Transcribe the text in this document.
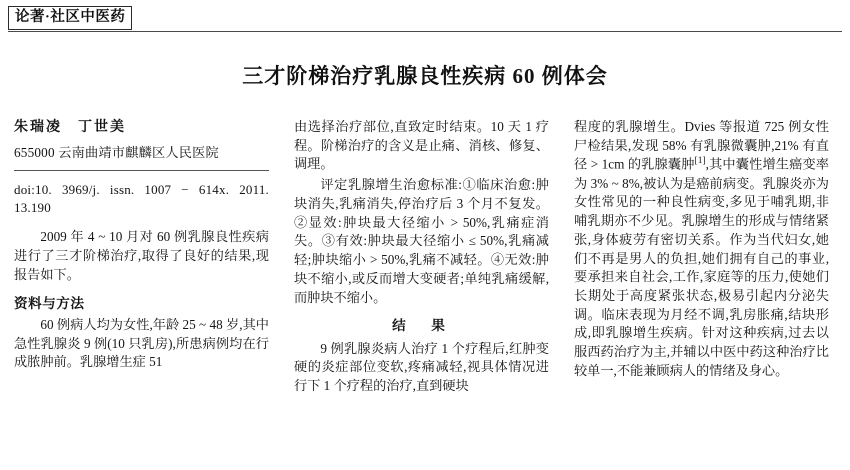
论著·社区中医药
三才阶梯治疗乳腺良性疾病 60 例体会
朱瑞凌　丁世美
655000 云南曲靖市麒麟区人民医院
doi:10. 3969/j. issn. 1007 − 614x. 2011. 13.190

2009 年 4 ~ 10 月对 60 例乳腺良性疾病进行了三才阶梯治疗,取得了良好的结果,现报告如下。

资料与方法

60 例病人均为女性,年龄 25 ~ 48 岁,其中急性乳腺炎 9 例(10 只乳房),所患病例均在行成脓肿前。乳腺增生症 51

由选择治疗部位,直致定时结束。10 天 1 疗程。阶梯治疗的含义是止痛、消核、修复、调理。

评定乳腺增生治愈标准:①临床治愈:肿块消失,乳痛消失,停治疗后 3 个月不复发。②显效:肿块最大径缩小 > 50%,乳痛症消失。③有效:肿块最大径缩小 ≤ 50%,乳痛减轻;肿块缩小 > 50%,乳痛不减轻。④无效:肿块不缩小,或反而增大变硬者;单纯乳痛缓解,而肿块不缩小。

结　果

9 例乳腺炎病人治疗 1 个疗程后,红肿变硬的炎症部位变软,疼痛减轻,视具体情况进行下 1 个疗程的治疗,直到硬块

程度的乳腺增生。Dvies 等报道 725 例女性尸检结果,发现 58% 有乳腺微囊肿,21% 有直径 > 1cm 的乳腺囊肿[1],其中囊性增生癌变率为 3% ~ 8%,被认为是癌前病变。乳腺炎亦为女性常见的一种良性病变,多见于哺乳期,非哺乳期亦不少见。乳腺增生的形成与情绪紧张,身体疲劳有密切关系。作为当代妇女,她们不再是男人的负担,她们拥有自己的事业,要承担来自社会,工作,家庭等的压力,使她们长期处于高度紧张状态,极易引起内分泌失调。临床表现为月经不调,乳房胀痛,结块形成,即乳腺增生疾病。针对这种疾病,过去以服西药治疗为主,并辅以中医中药这种治疗比较单一,不能兼顾病人的情绪及身心。
